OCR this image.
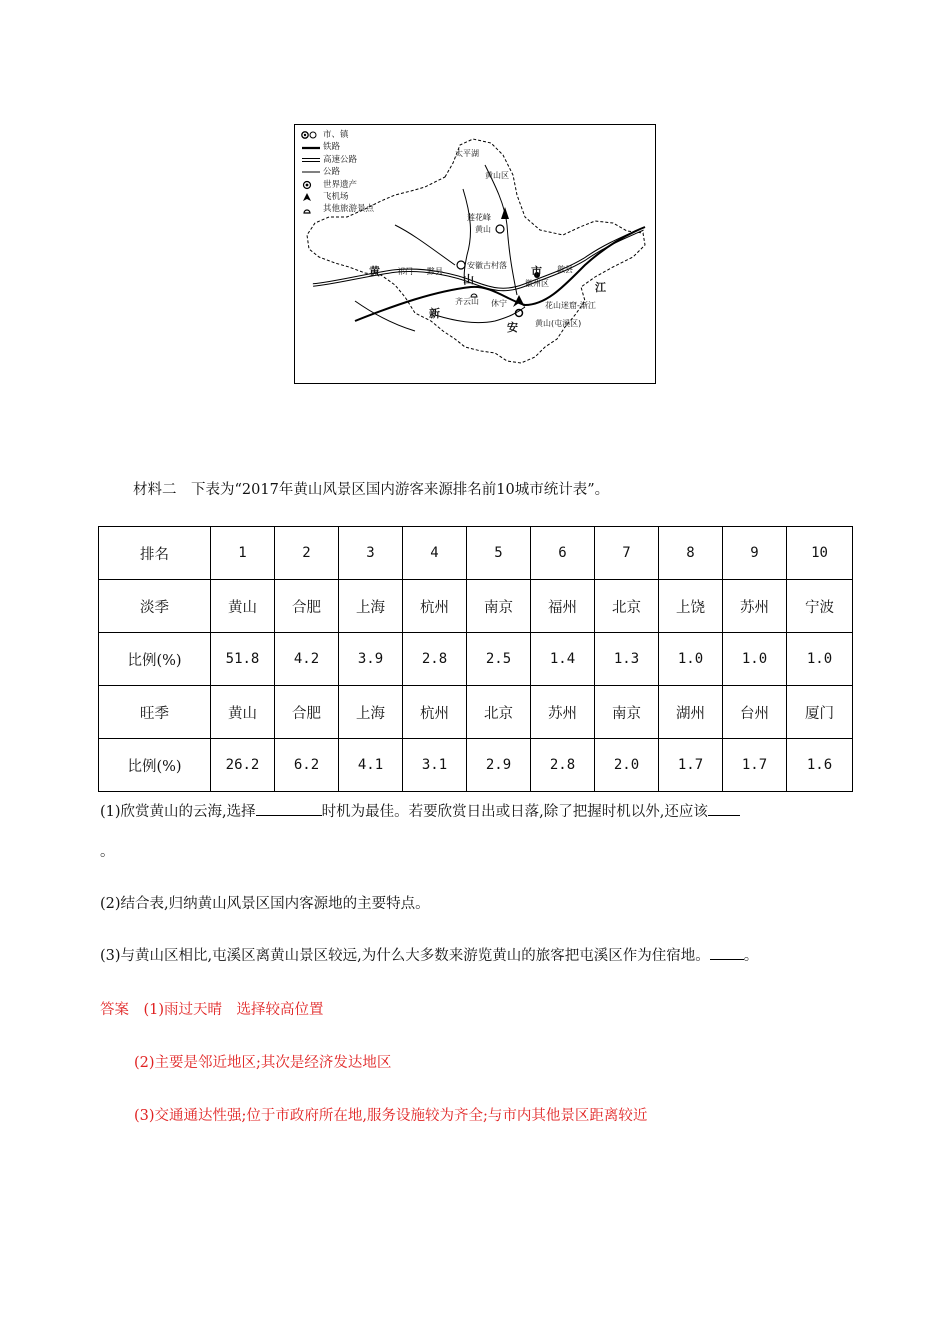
市、镇
铁路
高速公路
公路
世界遗产
飞机场
其他旅游景点
太平湖
黄山区
莲花峰
黄山
黄
山
市
祁门 黟县
安徽古村落	歙县
徽州区	江
花山迷窟-渐江
齐云山 休宁
新
安 黄山(屯溪区)
材料二　下表为“2017年黄山风景区国内游客来源排名前10城市统计表”。
排名	1	2	3	4	5	6	7	8	9	10
淡季	黄山	合肥	上海	杭州	南京	福州	北京	上饶	苏州	宁波
比例(%)	51.8	4.2	3.9	2.8	2.5	1.4	1.3	1.0	1.0	1.0
旺季	黄山	合肥	上海	杭州	北京	苏州	南京	湖州	台州	厦门
比例(%)	26.2	6.2	4.1	3.1	2.9	2.8	2.0	1.7	1.7	1.6
(1)欣赏黄山的云海,选择	时机为最佳。若要欣赏日出或日落,除了把握时机以外,还应该
。
(2)结合表,归纳黄山风景区国内客源地的主要特点。
(3)与黄山区相比,屯溪区离黄山景区较远,为什么大多数来游览黄山的旅客把屯溪区作为住宿地。 。
答案　(1)雨过天晴　选择较高位置
(2)主要是邻近地区;其次是经济发达地区
(3)交通通达性强;位于市政府所在地,服务设施较为齐全;与市内其他景区距离较近
